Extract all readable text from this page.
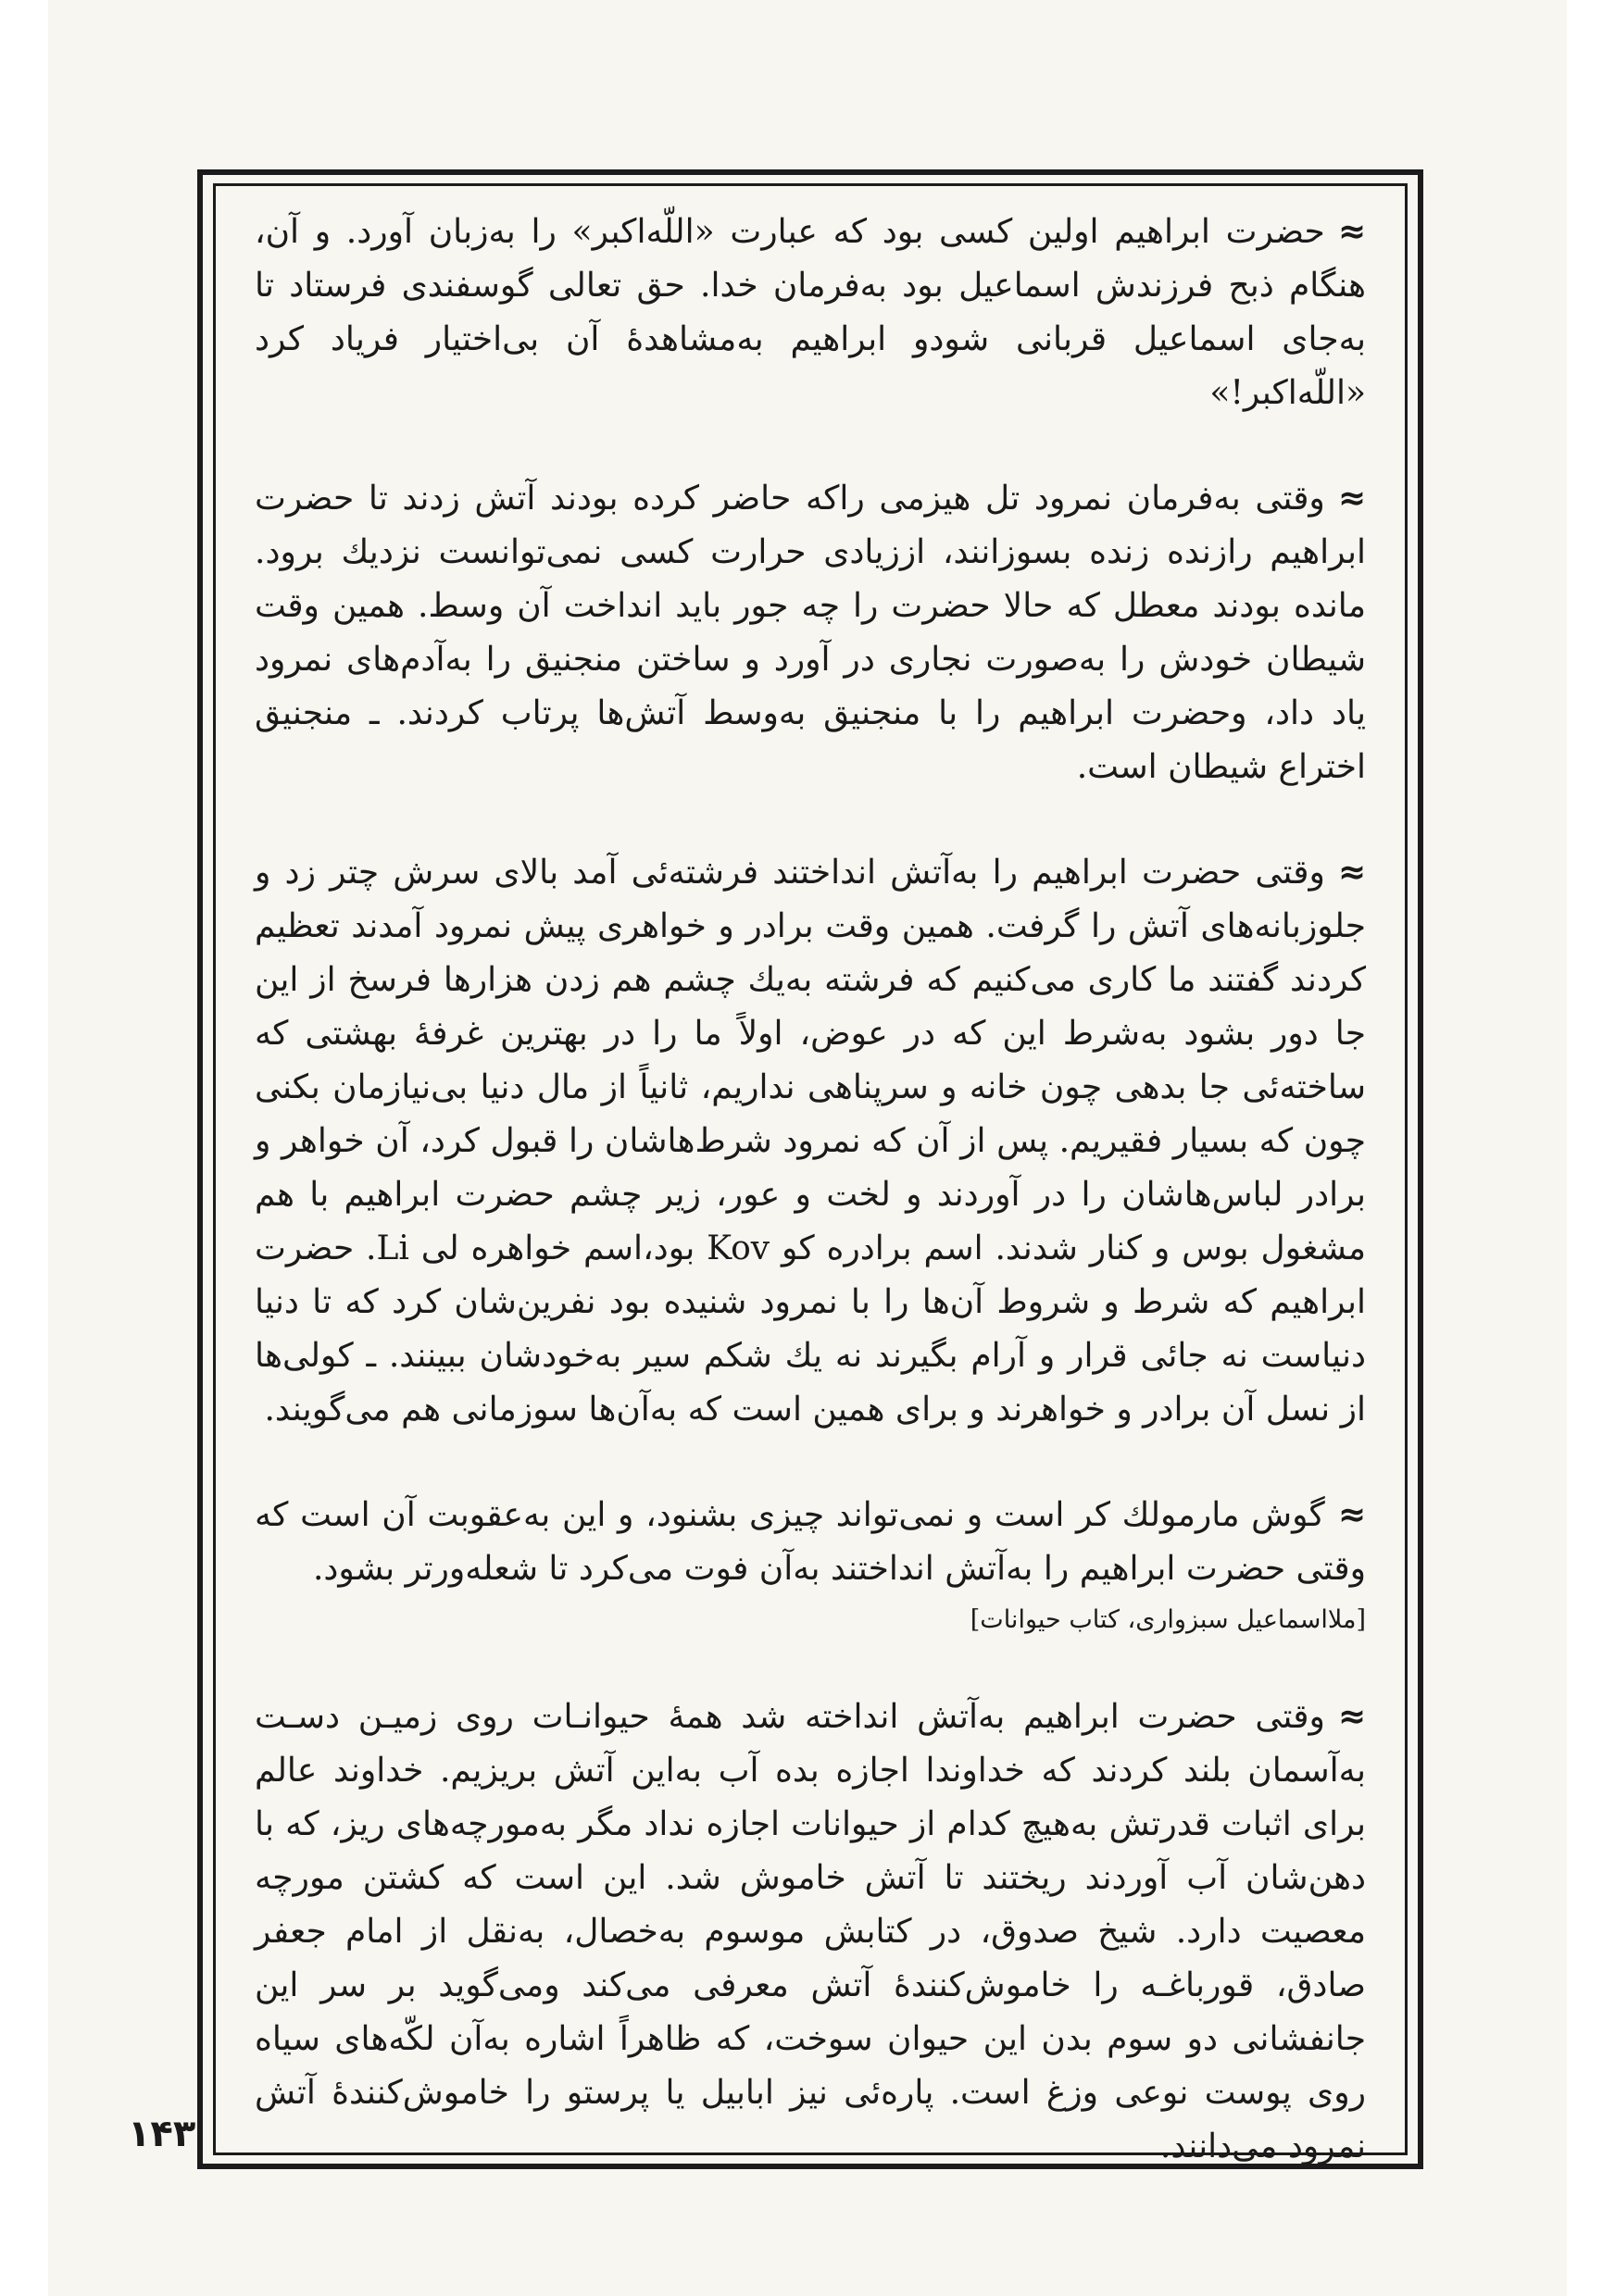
≈حضرت ابراهیم اولین کسی بود که عبارت «اللّه‌اکبر» را به‌زبان آورد. و آن، هنگام ذبح فرزندش اسماعیل بود به‌فرمان خدا. حق تعالی گوسفندی فرستاد تا به‌جای اسماعیل قربانی شودو ابراهیم به‌مشاهدهٔ آن بی‌اختیار فریاد کرد «اللّه‌اکبر!»

≈وقتی به‌فرمان نمرود تل هیزمی راکه حاضر کرده بودند آتش زدند تا حضرت ابراهیم رازنده زنده بسوزانند، اززیادی حرارت کسی نمی‌توانست نزدیك برود. مانده بودند معطل که حالا حضرت را چه جور باید انداخت آن وسط. همین وقت شیطان خودش را به‌صورت نجاری در آورد و ساختن منجنیق را به‌آدم‌های نمرود یاد داد، وحضرت ابراهیم را با منجنیق به‌وسط آتش‌ها پرتاب کردند. ـ منجنیق اختراع شیطان است.

≈وقتی حضرت ابراهیم را به‌آتش انداختند فرشته‌ئی آمد بالای سرش چتر زد و جلوزبانه‌های آتش را گرفت. همین وقت برادر و خواهری پیش نمرود آمدند تعظیم کردند گفتند ما کاری می‌کنیم که فرشته به‌یك چشم هم زدن هزارها فرسخ از این جا دور بشود به‌شرط این که در عوض، اولاً ما را در بهترین غرفهٔ بهشتی که ساخته‌ئی جا بدهی چون خانه و سرپناهی نداریم، ثانیاً از مال دنیا بی‌نیازمان بکنی چون که بسیار فقیریم. پس از آن که نمرود شرط‌هاشان را قبول کرد، آن خواهر و برادر لباس‌هاشان را در آوردند و لخت و عور، زیر چشم حضرت ابراهیم با هم مشغول بوس و کنار شدند. اسم برادره کو Kov بود،اسم خواهره لی Li. حضرت ابراهیم که شرط و شروط آن‌ها را با نمرود شنیده بود نفرین‌شان کرد که تا دنیا دنیاست نه جائی قرار و آرام بگیرند نه یك شکم سیر به‌خودشان ببینند. ـ کولی‌ها از نسل آن برادر و خواهرند و برای همین است که به‌آن‌ها سوزمانی هم می‌گویند.

≈گوش مارمولك کر است و نمی‌تواند چیزی بشنود، و این به‌عقوبت آن است که وقتی حضرت ابراهیم را به‌آتش انداختند به‌آن فوت می‌کرد تا شعله‌ورتر بشود.

[ملااسماعیل سبزواری، کتاب حیوانات]

≈وقتی حضرت ابراهیم به‌آتش انداخته شد همهٔ حیوانـات روی زمیـن دسـت به‌آسمان بلند کردند که خداوندا اجازه بده آب به‌این آتش بریزیم. خداوند عالم برای اثبات قدرتش به‌هیچ کدام از حیوانات اجازه نداد مگر به‌مورچه‌های ریز، که با دهن‌شان آب آوردند ریختند تا آتش خاموش شد. این است که کشتن مورچه معصیت دارد. شیخ صدوق، در کتابش موسوم به‌خصال، به‌نقل از امام جعفر صادق، قورباغـه را خاموش‌کنندهٔ آتش معرفی می‌کند ومی‌گوید بر سر این جانفشانی دو سوم بدن این حیوان سوخت، که ظاهراً اشاره به‌آن لکّه‌های سیاه روی پوست نوعی وزغ است. پاره‌ئی نیز ابابیل یا پرستو را خاموش‌کنندهٔ آتش نمرود می‌دانند.

۱۴۳
